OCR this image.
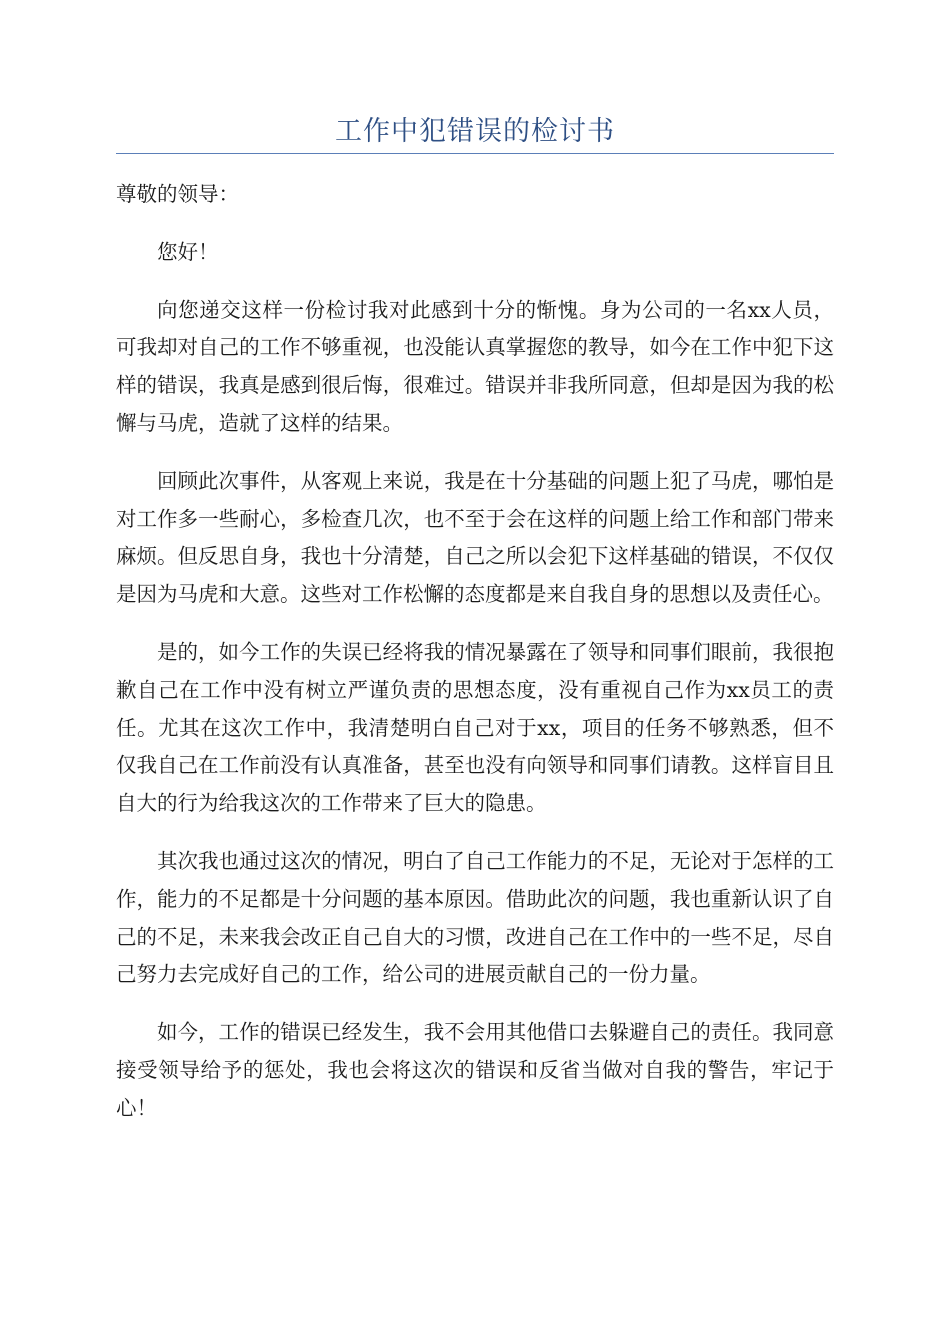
工作中犯错误的检讨书

尊敬的领导：

您好！

向您递交这样一份检讨我对此感到十分的惭愧。身为公司的一名xx人员，可我却对自己的工作不够重视，也没能认真掌握您的教导，如今在工作中犯下这样的错误，我真是感到很后悔，很难过。错误并非我所同意，但却是因为我的松懈与马虎，造就了这样的结果。

回顾此次事件，从客观上来说，我是在十分基础的问题上犯了马虎，哪怕是对工作多一些耐心，多检查几次，也不至于会在这样的问题上给工作和部门带来麻烦。但反思自身，我也十分清楚，自己之所以会犯下这样基础的错误，不仅仅是因为马虎和大意。这些对工作松懈的态度都是来自我自身的思想以及责任心。

是的，如今工作的失误已经将我的情况暴露在了领导和同事们眼前，我很抱歉自己在工作中没有树立严谨负责的思想态度，没有重视自己作为xx员工的责任。尤其在这次工作中，我清楚明白自己对于xx，项目的任务不够熟悉，但不仅我自己在工作前没有认真准备，甚至也没有向领导和同事们请教。这样盲目且自大的行为给我这次的工作带来了巨大的隐患。

其次我也通过这次的情况，明白了自己工作能力的不足，无论对于怎样的工作，能力的不足都是十分问题的基本原因。借助此次的问题，我也重新认识了自己的不足，未来我会改正自己自大的习惯，改进自己在工作中的一些不足，尽自己努力去完成好自己的工作，给公司的进展贡献自己的一份力量。

如今，工作的错误已经发生，我不会用其他借口去躲避自己的责任。我同意接受领导给予的惩处，我也会将这次的错误和反省当做对自我的警告，牢记于心！
